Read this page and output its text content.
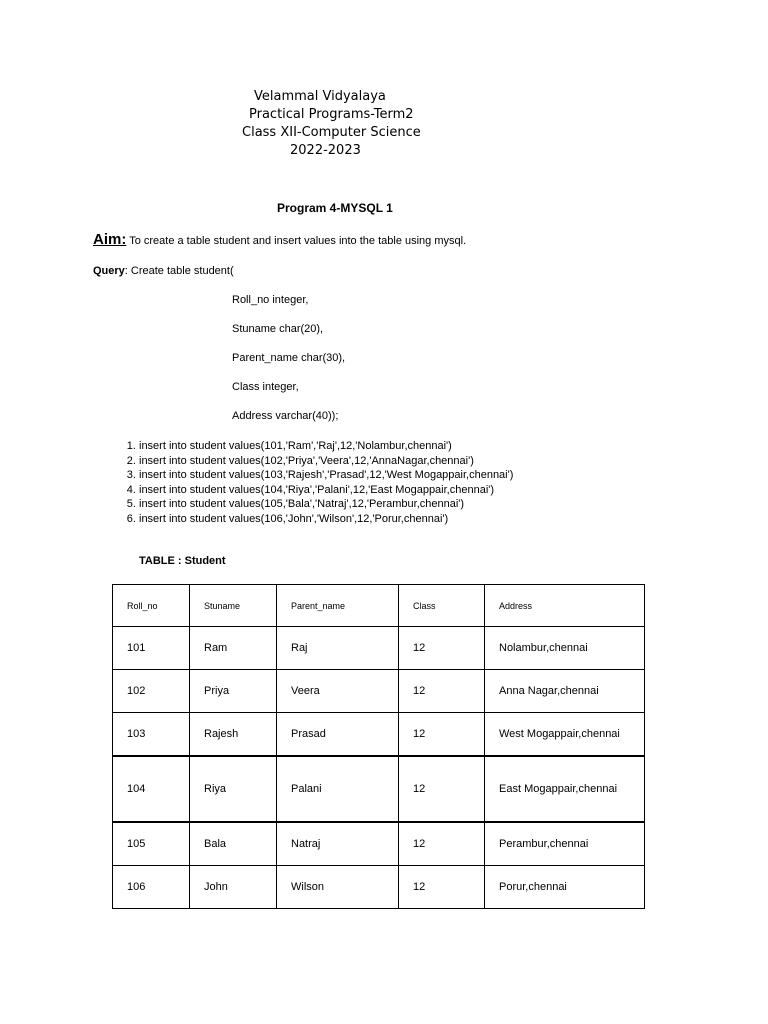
Velammal Vidyalaya
Practical Programs-Term2
Class XII-Computer Science
2022-2023
Program 4-MYSQL 1
Aim: To create a table student and insert values into the table using mysql.
Query: Create table student(
Roll_no integer,
Stuname char(20),
Parent_name char(30),
Class integer,
Address varchar(40));
1. insert into student values(101,'Ram','Raj',12,'Nolambur,chennai')
2. insert into student values(102,'Priya','Veera',12,'AnnaNagar,chennai')
3. insert into student values(103,'Rajesh','Prasad',12,'West Mogappair,chennai')
4. insert into student values(104,'Riya','Palani',12,'East Mogappair,chennai')
5. insert into student values(105,'Bala','Natraj',12,'Perambur,chennai')
6. insert into student values(106,'John','Wilson',12,'Porur,chennai')
TABLE : Student
Roll_no	Stuname	Parent_name	Class	Address
101	Ram	Raj	12	Nolambur,chennai
102	Priya	Veera	12	Anna Nagar,chennai
103	Rajesh	Prasad	12	West Mogappair,chennai
104	Riya	Palani	12	East Mogappair,chennai
105	Bala	Natraj	12	Perambur,chennai
106	John	Wilson	12	Porur,chennai
